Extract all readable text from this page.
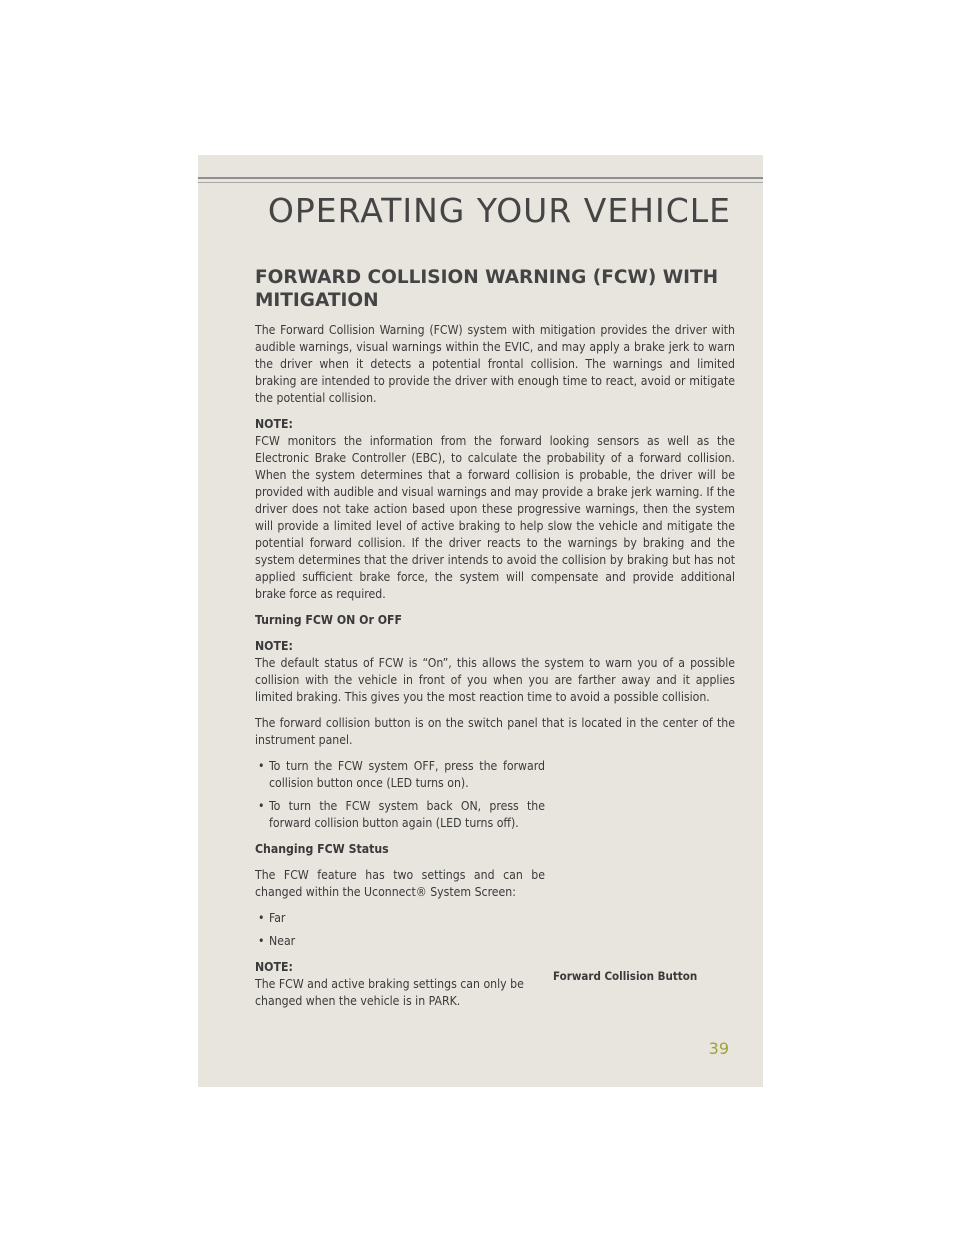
OPERATING YOUR VEHICLE
FORWARD COLLISION WARNING (FCW) WITH MITIGATION

The Forward Collision Warning (FCW) system with mitigation provides the driver with audible warnings, visual warnings within the EVIC, and may apply a brake jerk to warn the driver when it detects a potential frontal collision. The warnings and limited braking are intended to provide the driver with enough time to react, avoid or mitigate the potential collision.

NOTE:
FCW monitors the information from the forward looking sensors as well as the Electronic Brake Controller (EBC), to calculate the probability of a forward collision. When the system determines that a forward collision is probable, the driver will be provided with audible and visual warnings and may provide a brake jerk warning. If the driver does not take action based upon these progressive warnings, then the system will provide a limited level of active braking to help slow the vehicle and mitigate the potential forward collision. If the driver reacts to the warnings by braking and the system determines that the driver intends to avoid the collision by braking but has not applied sufficient brake force, the system will compensate and provide additional brake force as required.

Turning FCW ON Or OFF

NOTE:
The default status of FCW is “On”, this allows the system to warn you of a possible collision with the vehicle in front of you when you are farther away and it applies limited braking. This gives you the most reaction time to avoid a possible collision.

The forward collision button is on the switch panel that is located in the center of the instrument panel.

• To turn the FCW system OFF, press the forward collision button once (LED turns on).
• To turn the FCW system back ON, press the forward collision button again (LED turns off).
Changing FCW Status

The FCW feature has two settings and can be changed within the Uconnect® System Screen:

• Far
• Near

NOTE:
The FCW and active braking settings can only be changed when the vehicle is in PARK.

Forward Collision Button
39
